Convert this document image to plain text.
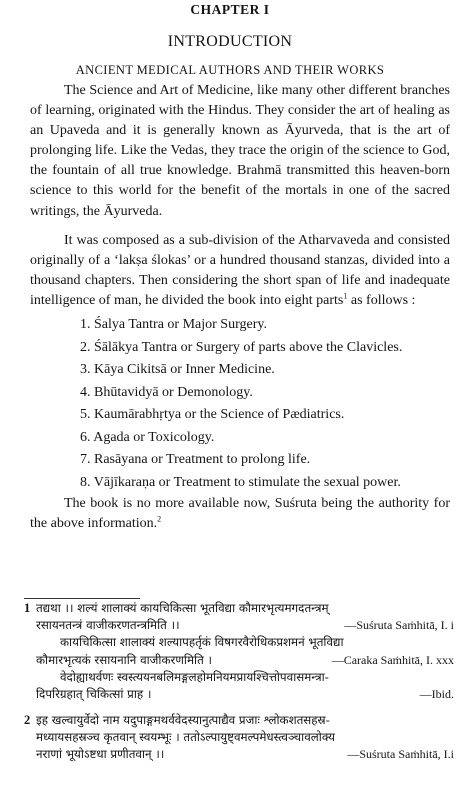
CHAPTER I
INTRODUCTION
ANCIENT MEDICAL AUTHORS AND THEIR WORKS

The Science and Art of Medicine, like many other different branches of learning, originated with the Hindus. They consider the art of healing as an Upaveda and it is generally known as Āyurveda, that is the art of prolonging life. Like the Vedas, they trace the origin of the science to God, the fountain of all true knowledge. Brahmā transmitted this heaven-born science to this world for the benefit of the mortals in one of the sacred writings, the Āyurveda.

It was composed as a sub-division of the Atharvaveda and consisted originally of a ‘lakṣa ślokas’ or a hundred thousand stanzas, divided into a thousand chapters. Then considering the short span of life and inadequate intelligence of man, he divided the book into eight parts$^1$ as follows :

1. Śalya Tantra or Major Surgery.
2. Śālākya Tantra or Surgery of parts above the Clavicles.
3. Kāya Cikitsā or Inner Medicine.
4. Bhūtavidyā or Demonology.
5. Kaumārabhṛtya or the Science of Pædiatrics.
6. Agada or Toxicology.
7. Rasāyana or Treatment to prolong life.
8. Vājīkaraṇa or Treatment to stimulate the sexual power.

The book is no more available now, Suśruta being the authority for the above information.$^2$

1 तद्यथा ।। शल्यं शालाक्यं कायचिकित्सा भूतविद्या कौमारभृत्यमगदतन्त्रम्
रसायनतन्त्रं वाजीकरणतन्त्रमिति ।।	—Suśruta Saṁhitā, I. i
कायचिकित्सा शालाक्यं शल्यापहर्तृकं विषगरवैरोधिकप्रशमनं भूतविद्या
कौमारभृत्यकं रसायनानि वाजीकरणमिति ।	—Caraka Saṁhitā, I. xxx
वेदोह्याथर्वणः स्वस्त्ययनबलिमङ्गलहोमनियमप्रायश्चित्तोपवासमन्त्रा-
दिपरिग्रहात् चिकित्सां प्राह ।	—Ibid.
2 इह खल्वायुर्वेदो नाम यदुपाङ्गमथर्ववेदस्यानुत्पाद्यैव प्रजाः श्लोकशतसहस्र-
मध्यायसहस्रञ्च कृतवान् स्वयम्भूः । ततोऽल्पायुष्ट्वमल्पमेधस्त्वञ्चावलोक्य
नराणां भूयोऽष्टधा प्रणीतवान् ।।	—Suśruta Saṁhitā, I.i
